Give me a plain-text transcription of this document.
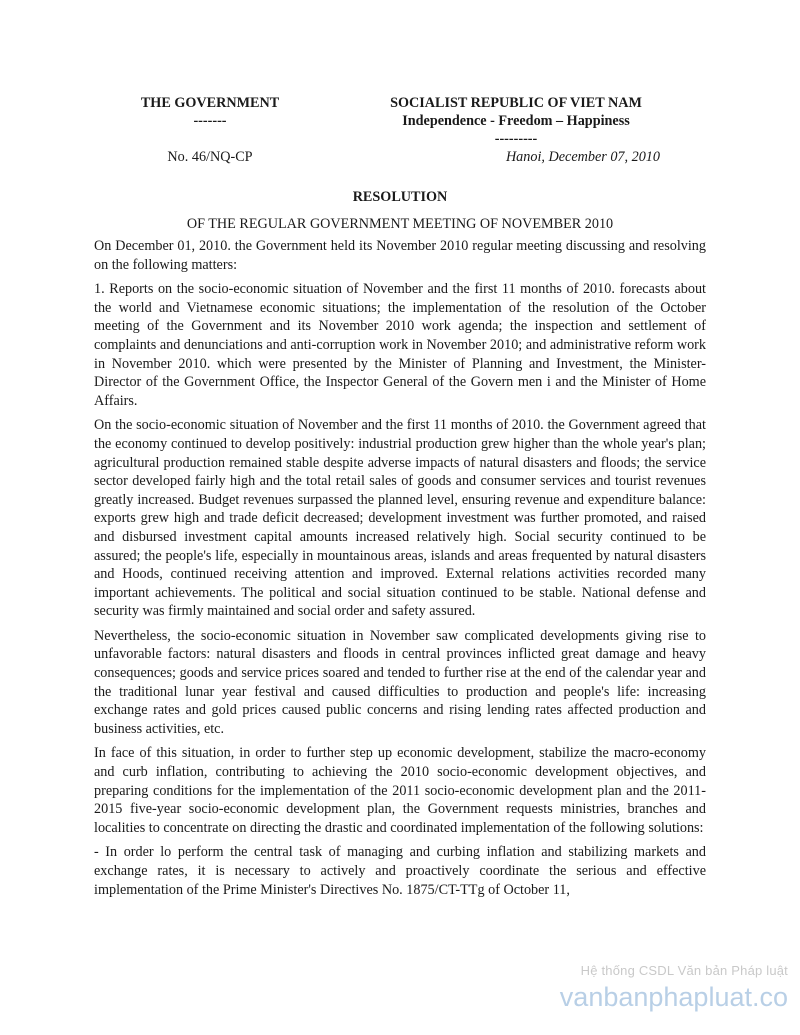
THE GOVERNMENT
-------
SOCIALIST REPUBLIC OF VIET NAM
Independence - Freedom – Happiness
---------
No. 46/NQ-CP	Hanoi, December 07, 2010
RESOLUTION
OF THE REGULAR GOVERNMENT MEETING OF NOVEMBER 2010

On December 01, 2010. the Government held its November 2010 regular meeting discussing and resolving on the following matters:

1. Reports on the socio-economic situation of November and the first 11 months of 2010. forecasts about the world and Vietnamese economic situations; the implementation of the resolution of the October meeting of the Government and its November 2010 work agenda; the inspection and settlement of complaints and denunciations and anti-corruption work in November 2010; and administrative reform work in November 2010. which were presented by the Minister of Planning and Investment, the Minister-Director of the Government Office, the Inspector General of the Govern men i and the Minister of Home Affairs.

On the socio-economic situation of November and the first 11 months of 2010. the Government agreed that the economy continued to develop positively: industrial production grew higher than the whole year's plan; agricultural production remained stable despite adverse impacts of natural disasters and floods; the service sector developed fairly high and the total retail sales of goods and consumer services and tourist revenues greatly increased. Budget revenues surpassed the planned level, ensuring revenue and expenditure balance: exports grew high and trade deficit decreased; development investment was further promoted, and raised and disbursed investment capital amounts increased relatively high. Social security continued to be assured; the people's life, especially in mountainous areas, islands and areas frequented by natural disasters and Hoods, continued receiving attention and improved. External relations activities recorded many important achievements. The political and social situation continued to be stable. National defense and security was firmly maintained and social order and safety assured.

Nevertheless, the socio-economic situation in November saw complicated developments giving rise to unfavorable factors: natural disasters and floods in central provinces inflicted great damage and heavy consequences; goods and service prices soared and tended to further rise at the end of the calendar year and the traditional lunar year festival and caused difficulties to production and people's life: increasing exchange rates and gold prices caused public concerns and rising lending rates affected production and business activities, etc.

In face of this situation, in order to further step up economic development, stabilize the macro-economy and curb inflation, contributing to achieving the 2010 socio-economic development objectives, and preparing conditions for the implementation of the 2011 socio-economic development plan and the 2011-2015 five-year socio-economic development plan, the Government requests ministries, branches and localities to concentrate on directing the drastic and coordinated implementation of the following solutions:

- In order lo perform the central task of managing and curbing inflation and stabilizing markets and exchange rates, it is necessary to actively and proactively coordinate the serious and effective implementation of the Prime Minister's Directives No. 1875/CT-TTg of October 11,

Hệ thống CSDL Văn bản Pháp luật
vanbanphapluat.co
